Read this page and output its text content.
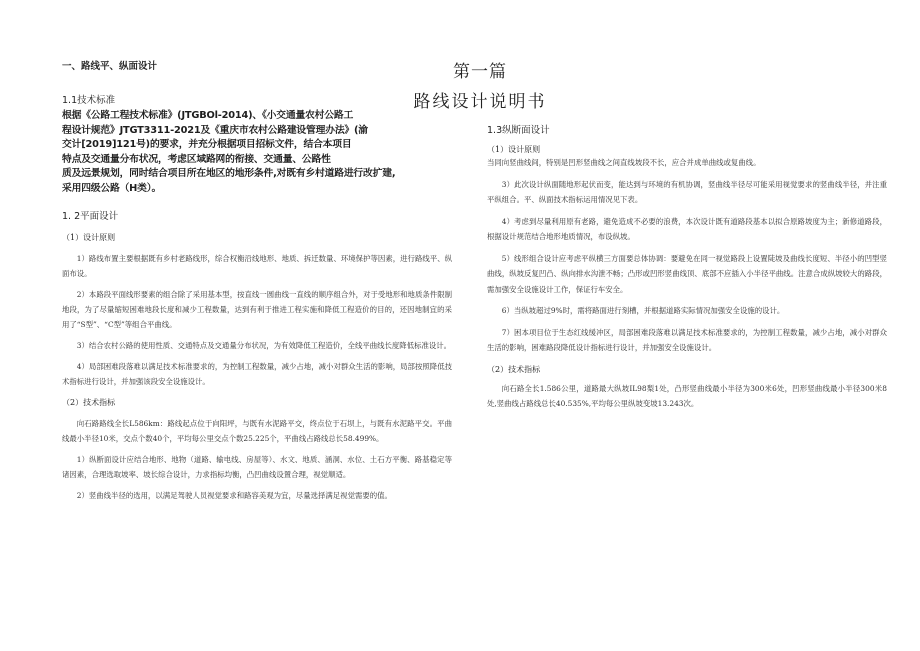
第一篇

路线设计说明书

一、路线平、纵面设计

1.1技术标准

根据《公路工程技术标准》(JTGBOl-2014)、《小交通量农村公路工

程设计规范》JTGT3311-2021及《重庆市农村公路建设管理办法》(渝

交计[2019]121号)的要求，并充分根据项目招标文件，结合本项目

特点及交通量分布状况，考虑区域路网的衔接、交通量、公路性

质及远景规划，同时结合项目所在地区的地形条件,对既有乡村道路进行改扩建,

采用四级公路（H类）。

1. 2平面设计

（1）设计原则

1）路线布置主要根据既有乡村老路线形，综合权衡沿线地形、地质、拆迁数量、环境保护等因素，进行路线平、纵面布设。

2）本路段平面线形要素的组合除了采用基本型，按直线一圆曲线一直线的顺序组合外，对于受地形和地质条件限制地段，为了尽量缩短困难地段长度和减少工程数量，达到有利于推进工程实施和降低工程造价的目的，还因地制宜的采用了“S型”、“C型”等组合平曲线。

3）结合农村公路的使用性质、交通特点及交通量分布状况，为有效降低工程造价，全线平曲线长度降低标准设计。

4）局部困难段落难以满足技术标准要求的，为控制工程数量，减少占地，减小对群众生活的影响，局部按照降低技术指标进行设计，并加强该段安全设施设计。

（2）技术指标

向石路路线全长L586km：路线起点位于向阳坪，与既有水泥路平交，终点位于石坝上，与既有水泥路平交。平曲线最小半径10米，交点个数40个，平均每公里交点个数25.225个，平曲线占路线总长58.499%。

1）纵断面设计应结合地形、地物（道路、输电线、房屋等）、水文、地质、涵洞、水位、土石方平衡、路基稳定等诸因素，合理选取坡率、坡长综合设计，力求指标均衡，凸凹曲线设置合理，视觉顺适。

2）竖曲线半径的选用，以满足驾驶人员视觉要求和路容美观为宜，尽量选择满足视觉需要的值。

1.3纵断面设计

（1）设计原则

当同向竖曲线间，特别是凹形竖曲线之间直线坡段不长，应合并成单曲线或复曲线。

3）此次设计纵面随地形起伏而变，能达到与环境的有机协调，竖曲线半径尽可能采用视觉要求的竖曲线半径，并注重平纵组合。平、纵面技术指标运用情况见下表。

4）考虑到尽量利用原有老路，避免造成不必要的浪费，本次设计既有道路段基本以拟合原路坡度为主；新修道路段，根据设计规范结合地形地质情况，布设纵坡。

5）线形组合设计应考虑平纵横三方面要总体协调：要避免在同一视觉路段上设置陡坡及曲线长度短、半径小的凹型竖曲线，纵坡反复凹凸、纵向排水沟泄不畅；凸形或凹形竖曲线顶、底部不应插入小半径平曲线。注意合成纵坡较大的路段，需加强安全设施设计工作，保证行车安全。

6）当纵坡超过9%时，需将路面进行刻槽，并根据道路实际情况加强安全设施的设计。

7）困本项目位于生态红线缓冲区，局部困难段落难以满足技术标准要求的，为控制工程数量，减少占地，减小对群众生活的影响，困难路段降低设计指标进行设计，并加强安全设施设计。

（2）技术指标

向石路全长1.586公里，道路最大纵坡IL98梨1处，凸形竖曲线最小半径为300米6处，凹形竖曲线最小半径300米8处,竖曲线占路线总长40.535%,平均每公里纵坡变坡13.243次。
